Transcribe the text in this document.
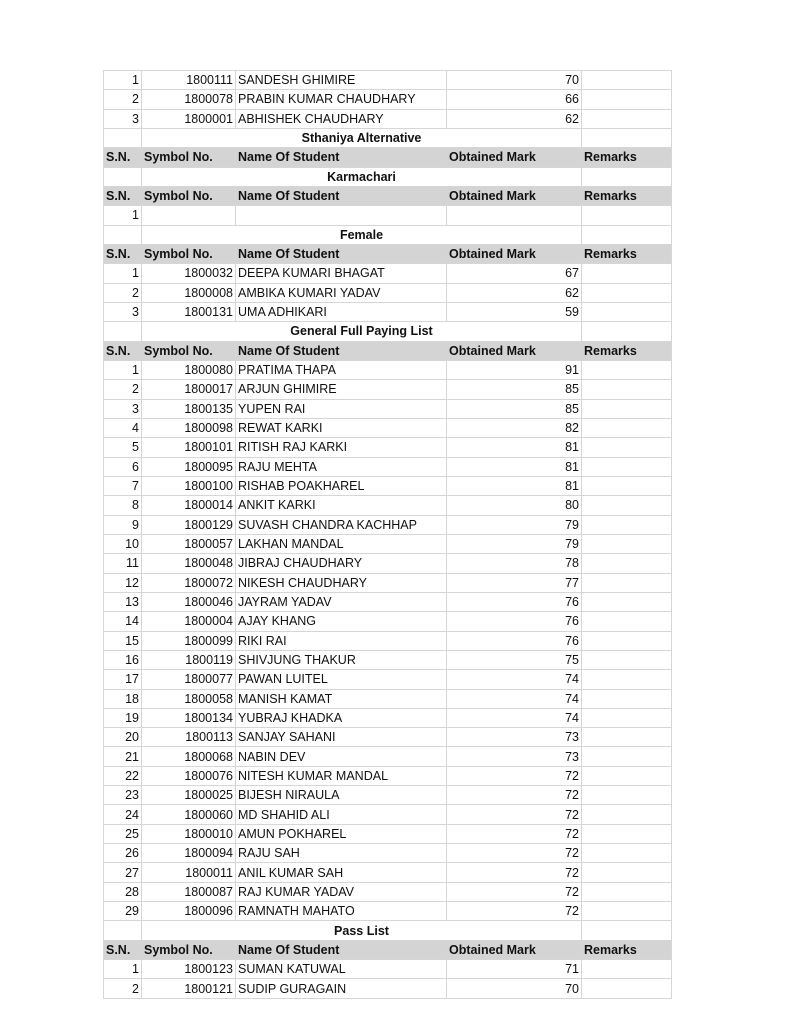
1	1800111	SANDESH GHIMIRE	70	
2	1800078	PRABIN KUMAR CHAUDHARY	66	
3	1800001	ABHISHEK CHAUDHARY	62	
	Sthaniya Alternative			
S.N.	Symbol No.	Name Of Student	Obtained Mark	Remarks
	Karmachari			
S.N.	Symbol No.	Name Of Student	Obtained Mark	Remarks
1				
	Female			
S.N.	Symbol No.	Name Of Student	Obtained Mark	Remarks
1	1800032	DEEPA KUMARI BHAGAT	67	
2	1800008	AMBIKA KUMARI YADAV	62	
3	1800131	UMA ADHIKARI	59	
	General Full Paying List			
S.N.	Symbol No.	Name Of Student	Obtained Mark	Remarks
1	1800080	PRATIMA THAPA	91	
2	1800017	ARJUN GHIMIRE	85	
3	1800135	YUPEN RAI	85	
4	1800098	REWAT KARKI	82	
5	1800101	RITISH RAJ KARKI	81	
6	1800095	RAJU MEHTA	81	
7	1800100	RISHAB POAKHAREL	81	
8	1800014	ANKIT KARKI	80	
9	1800129	SUVASH CHANDRA KACHHAP	79	
10	1800057	LAKHAN MANDAL	79	
11	1800048	JIBRAJ CHAUDHARY	78	
12	1800072	NIKESH CHAUDHARY	77	
13	1800046	JAYRAM YADAV	76	
14	1800004	AJAY KHANG	76	
15	1800099	RIKI RAI	76	
16	1800119	SHIVJUNG THAKUR	75	
17	1800077	PAWAN LUITEL	74	
18	1800058	MANISH KAMAT	74	
19	1800134	YUBRAJ KHADKA	74	
20	1800113	SANJAY SAHANI	73	
21	1800068	NABIN DEV	73	
22	1800076	NITESH KUMAR MANDAL	72	
23	1800025	BIJESH NIRAULA	72	
24	1800060	MD SHAHID ALI	72	
25	1800010	AMUN POKHAREL	72	
26	1800094	RAJU SAH	72	
27	1800011	ANIL KUMAR SAH	72	
28	1800087	RAJ KUMAR YADAV	72	
29	1800096	RAMNATH MAHATO	72	
	Pass List			
S.N.	Symbol No.	Name Of Student	Obtained Mark	Remarks
1	1800123	SUMAN KATUWAL	71	
2	1800121	SUDIP GURAGAIN	70	
